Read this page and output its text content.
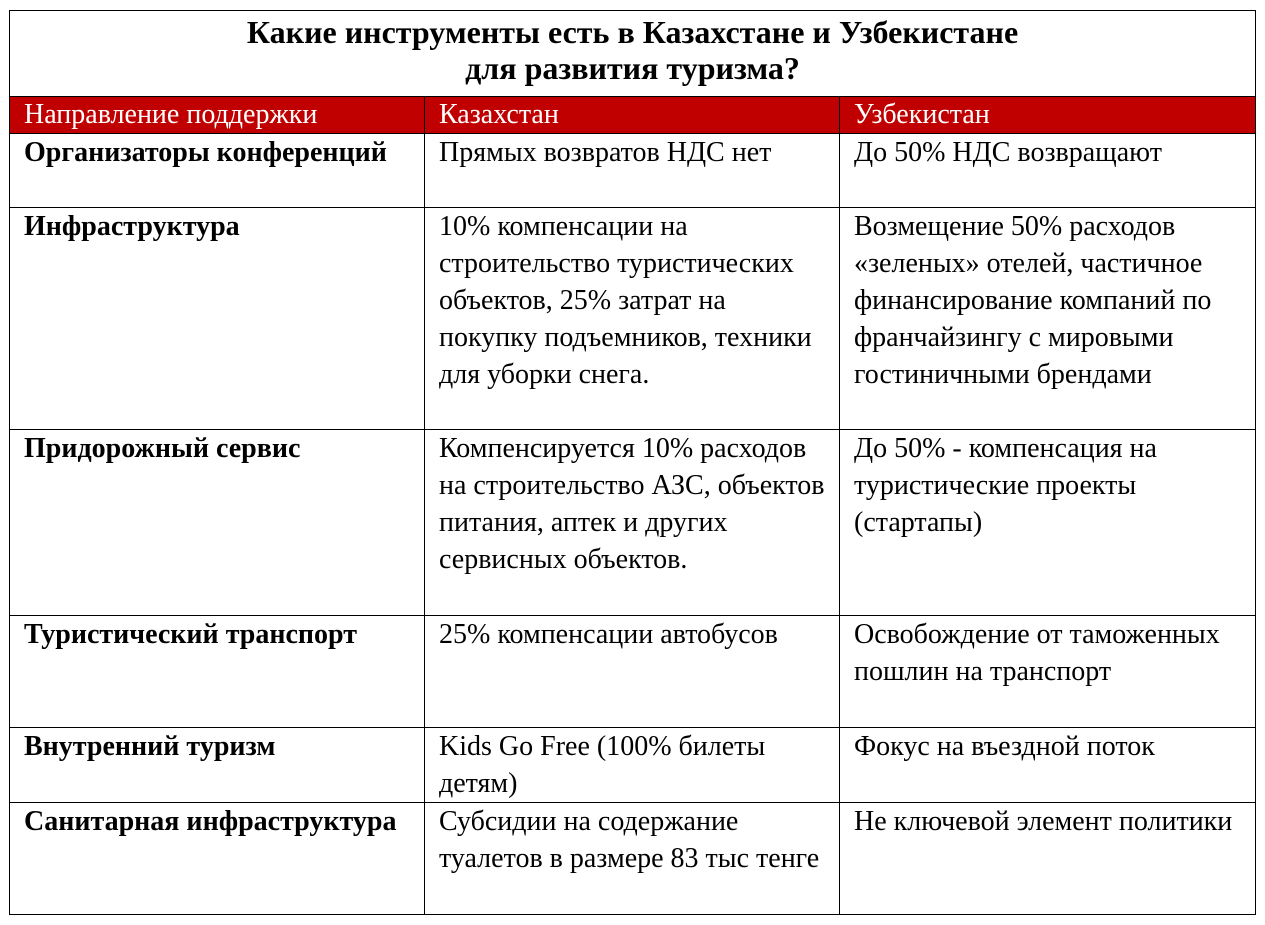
Какие инструменты есть в Казахстане и Узбекистане
для развития туризма?		

Направление поддержки	Казахстан	Узбекистан
Организаторы конференций	Прямых возвратов НДС нет	До 50% НДС возвращают
Инфраструктура	10% компенсации на строительство туристических объектов, 25% затрат на покупку подъемников, техники для уборки снега.	Возмещение 50% расходов «зеленых» отелей, частичное финансирование компаний по франчайзингу с мировыми гостиничными брендами
Придорожный сервис	Компенсируется 10% расходов на строительство АЗС, объектов питания, аптек и других сервисных объектов.	До 50% - компенсация на туристические проекты (стартапы)
Туристический транспорт	25% компенсации автобусов	Освобождение от таможенных пошлин на транспорт
Внутренний туризм	Kids Go Free (100% билеты детям)	Фокус на въездной поток
Санитарная инфраструктура	Субсидии на содержание туалетов в размере 83 тыс тенге	Не ключевой элемент политики
